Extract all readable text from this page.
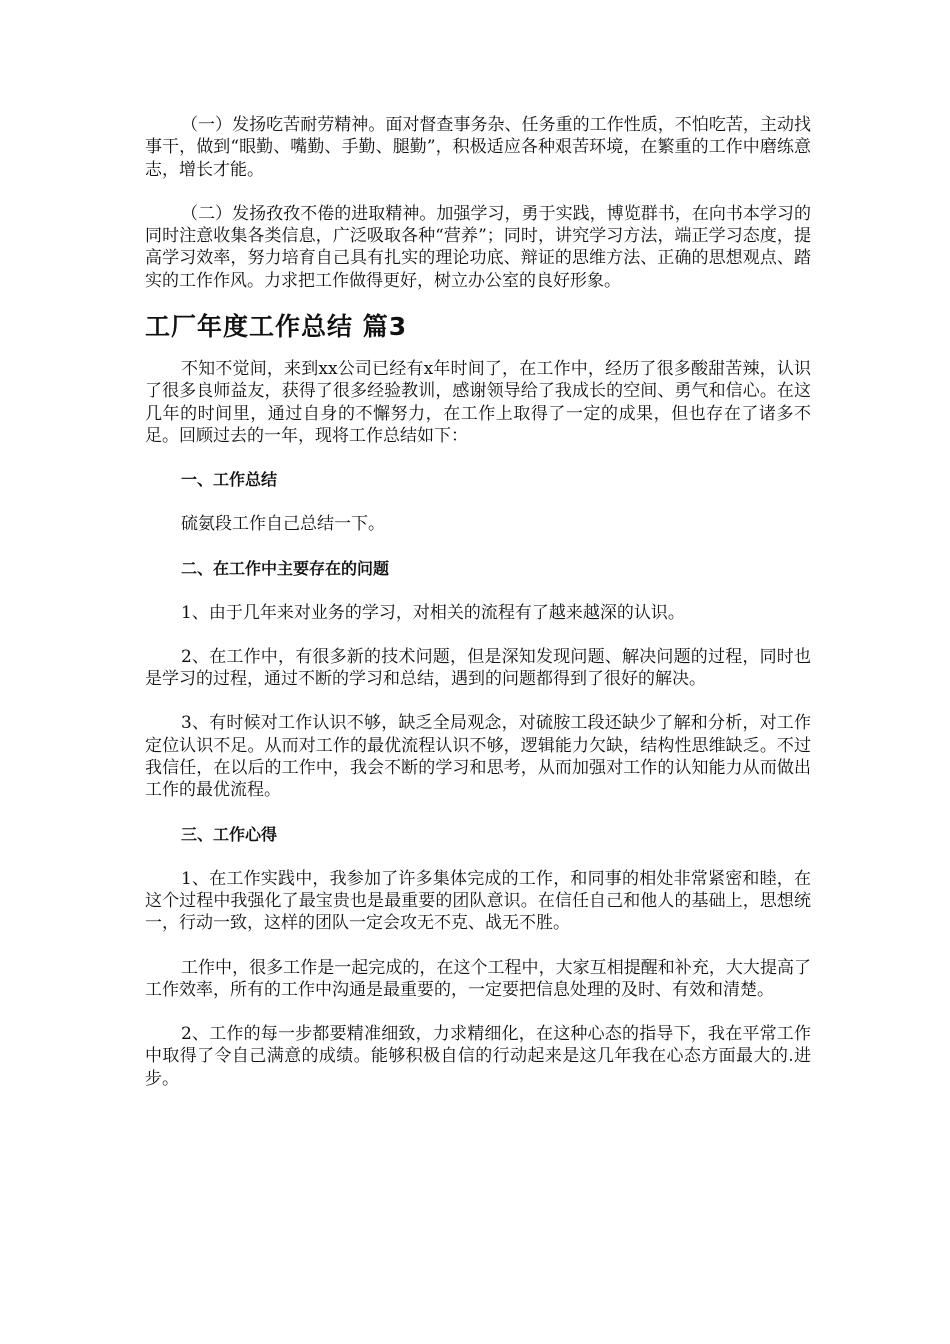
（一）发扬吃苦耐劳精神。面对督查事务杂、任务重的工作性质，不怕吃苦，主动找事干，做到“眼勤、嘴勤、手勤、腿勤”，积极适应各种艰苦环境，在繁重的工作中磨练意志，增长才能。

（二）发扬孜孜不倦的进取精神。加强学习，勇于实践，博览群书，在向书本学习的同时注意收集各类信息，广泛吸取各种“营养”；同时，讲究学习方法，端正学习态度，提高学习效率，努力培育自己具有扎实的理论功底、辩证的思维方法、正确的思想观点、踏实的工作作风。力求把工作做得更好，树立办公室的良好形象。

工厂年度工作总结 篇3

不知不觉间，来到xx公司已经有x年时间了，在工作中，经历了很多酸甜苦辣，认识了很多良师益友，获得了很多经验教训，感谢领导给了我成长的空间、勇气和信心。在这几年的时间里，通过自身的不懈努力，在工作上取得了一定的成果，但也存在了诸多不足。回顾过去的一年，现将工作总结如下：

一、工作总结

硫氨段工作自己总结一下。

二、在工作中主要存在的问题

1、由于几年来对业务的学习，对相关的流程有了越来越深的认识。

2、在工作中，有很多新的技术问题，但是深知发现问题、解决问题的过程，同时也是学习的过程，通过不断的学习和总结，遇到的问题都得到了很好的解决。

3、有时候对工作认识不够，缺乏全局观念，对硫胺工段还缺少了解和分析，对工作定位认识不足。从而对工作的最优流程认识不够，逻辑能力欠缺，结构性思维缺乏。不过我信任，在以后的工作中，我会不断的学习和思考，从而加强对工作的认知能力从而做出工作的最优流程。

三、工作心得

1、在工作实践中，我参加了许多集体完成的工作，和同事的相处非常紧密和睦，在这个过程中我强化了最宝贵也是最重要的团队意识。在信任自己和他人的基础上，思想统一，行动一致，这样的团队一定会攻无不克、战无不胜。

工作中，很多工作是一起完成的，在这个工程中，大家互相提醒和补充，大大提高了工作效率，所有的工作中沟通是最重要的，一定要把信息处理的及时、有效和清楚。

2、工作的每一步都要精准细致，力求精细化，在这种心态的指导下，我在平常工作中取得了令自己满意的成绩。能够积极自信的行动起来是这几年我在心态方面最大的.进步。
